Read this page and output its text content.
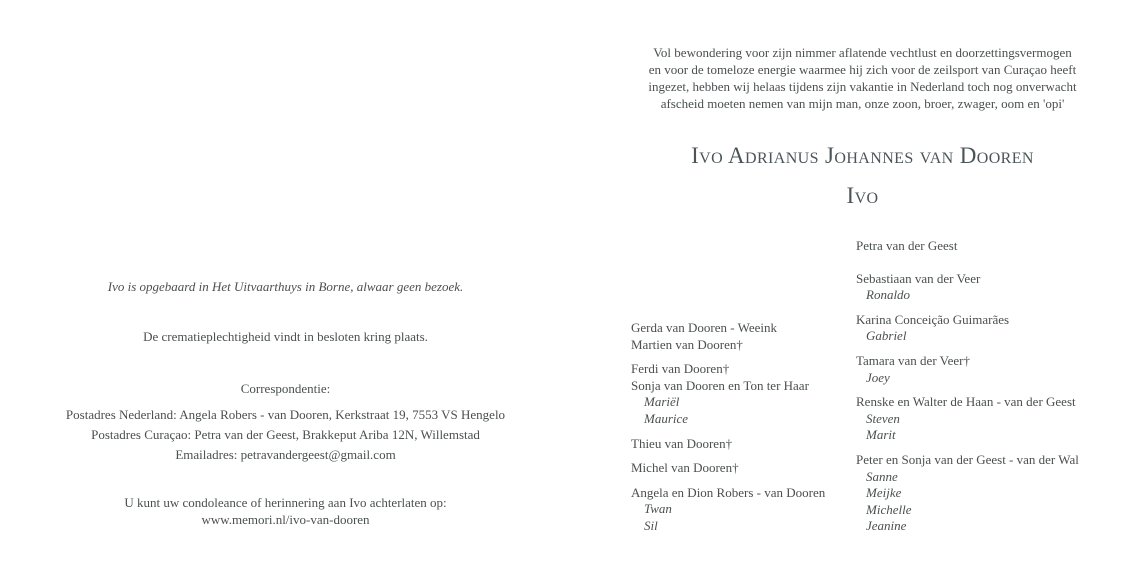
Ivo is opgebaard in Het Uitvaarthuys in Borne, alwaar geen bezoek.
De crematieplechtigheid vindt in besloten kring plaats.
Correspondentie:
Postadres Nederland: Angela Robers - van Dooren, Kerkstraat 19, 7553 VS Hengelo
Postadres Curaçao: Petra van der Geest, Brakkeput Ariba 12N, Willemstad
Emailadres: petravandergeest@gmail.com
U kunt uw condoleance of herinnering aan Ivo achterlaten op:
www.memori.nl/ivo-van-dooren
Vol bewondering voor zijn nimmer aflatende vechtlust en doorzettingsvermogen
en voor de tomeloze energie waarmee hij zich voor de zeilsport van Curaçao heeft
ingezet, hebben wij helaas tijdens zijn vakantie in Nederland toch nog onverwacht
afscheid moeten nemen van mijn man, onze zoon, broer, zwager, oom en 'opi'
Ivo Adrianus Johannes van Dooren
Ivo
Gerda van Dooren - Weeink
Martien van Dooren†
Ferdi van Dooren†
Sonja van Dooren en Ton ter Haar
Mariël
Maurice
Thieu van Dooren†
Michel van Dooren†
Angela en Dion Robers - van Dooren
Twan
Sil
Petra van der Geest
Sebastiaan van der Veer
Ronaldo
Karina Conceição Guimarães
Gabriel
Tamara van der Veer†
Joey
Renske en Walter de Haan - van der Geest
Steven
Marit
Peter en Sonja van der Geest - van der Wal
Sanne
Meijke
Michelle
Jeanine
